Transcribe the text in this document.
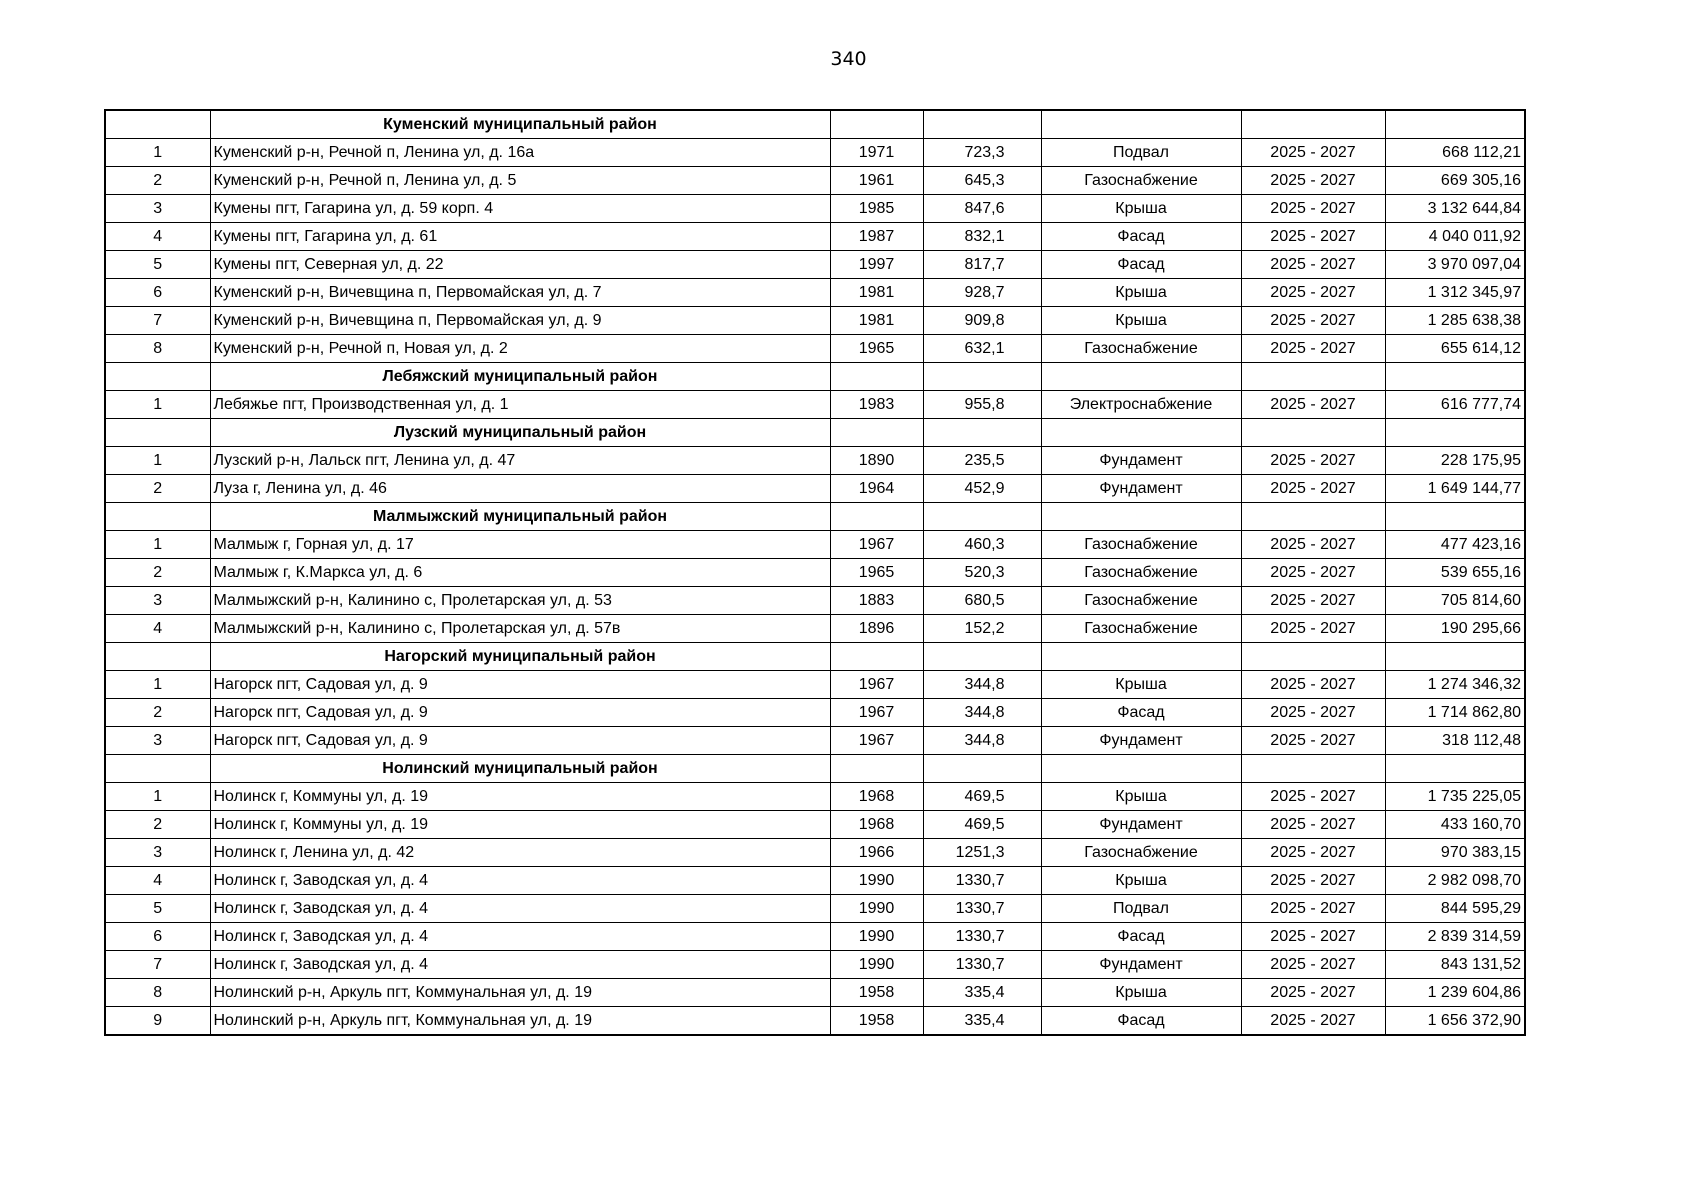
340
	Куменский муниципальный район					
1	Куменский р-н, Речной п, Ленина ул, д. 16а	1971	723,3	Подвал	2025 - 2027	668 112,21
2	Куменский р-н, Речной п, Ленина ул, д. 5	1961	645,3	Газоснабжение	2025 - 2027	669 305,16
3	Кумены пгт, Гагарина ул, д. 59 корп. 4	1985	847,6	Крыша	2025 - 2027	3 132 644,84
4	Кумены пгт, Гагарина ул, д. 61	1987	832,1	Фасад	2025 - 2027	4 040 011,92
5	Кумены пгт, Северная ул, д. 22	1997	817,7	Фасад	2025 - 2027	3 970 097,04
6	Куменский р-н, Вичевщина п, Первомайская ул, д. 7	1981	928,7	Крыша	2025 - 2027	1 312 345,97
7	Куменский р-н, Вичевщина п, Первомайская ул, д. 9	1981	909,8	Крыша	2025 - 2027	1 285 638,38
8	Куменский р-н, Речной п, Новая ул, д. 2	1965	632,1	Газоснабжение	2025 - 2027	655 614,12
	Лебяжский муниципальный район					
1	Лебяжье пгт, Производственная ул, д. 1	1983	955,8	Электроснабжение	2025 - 2027	616 777,74
	Лузский муниципальный район					
1	Лузский р-н, Лальск пгт, Ленина ул, д. 47	1890	235,5	Фундамент	2025 - 2027	228 175,95
2	Луза г, Ленина ул, д. 46	1964	452,9	Фундамент	2025 - 2027	1 649 144,77
	Малмыжский муниципальный район					
1	Малмыж г, Горная ул, д. 17	1967	460,3	Газоснабжение	2025 - 2027	477 423,16
2	Малмыж г, К.Маркса ул, д. 6	1965	520,3	Газоснабжение	2025 - 2027	539 655,16
3	Малмыжский р-н, Калинино с, Пролетарская ул, д. 53	1883	680,5	Газоснабжение	2025 - 2027	705 814,60
4	Малмыжский р-н, Калинино с, Пролетарская ул, д. 57в	1896	152,2	Газоснабжение	2025 - 2027	190 295,66
	Нагорский муниципальный район					
1	Нагорск пгт, Садовая ул, д. 9	1967	344,8	Крыша	2025 - 2027	1 274 346,32
2	Нагорск пгт, Садовая ул, д. 9	1967	344,8	Фасад	2025 - 2027	1 714 862,80
3	Нагорск пгт, Садовая ул, д. 9	1967	344,8	Фундамент	2025 - 2027	318 112,48
	Нолинский муниципальный район					
1	Нолинск г, Коммуны ул, д. 19	1968	469,5	Крыша	2025 - 2027	1 735 225,05
2	Нолинск г, Коммуны ул, д. 19	1968	469,5	Фундамент	2025 - 2027	433 160,70
3	Нолинск г, Ленина ул, д. 42	1966	1251,3	Газоснабжение	2025 - 2027	970 383,15
4	Нолинск г, Заводская ул, д. 4	1990	1330,7	Крыша	2025 - 2027	2 982 098,70
5	Нолинск г, Заводская ул, д. 4	1990	1330,7	Подвал	2025 - 2027	844 595,29
6	Нолинск г, Заводская ул, д. 4	1990	1330,7	Фасад	2025 - 2027	2 839 314,59
7	Нолинск г, Заводская ул, д. 4	1990	1330,7	Фундамент	2025 - 2027	843 131,52
8	Нолинский р-н, Аркуль пгт, Коммунальная ул, д. 19	1958	335,4	Крыша	2025 - 2027	1 239 604,86
9	Нолинский р-н, Аркуль пгт, Коммунальная ул, д. 19	1958	335,4	Фасад	2025 - 2027	1 656 372,90
